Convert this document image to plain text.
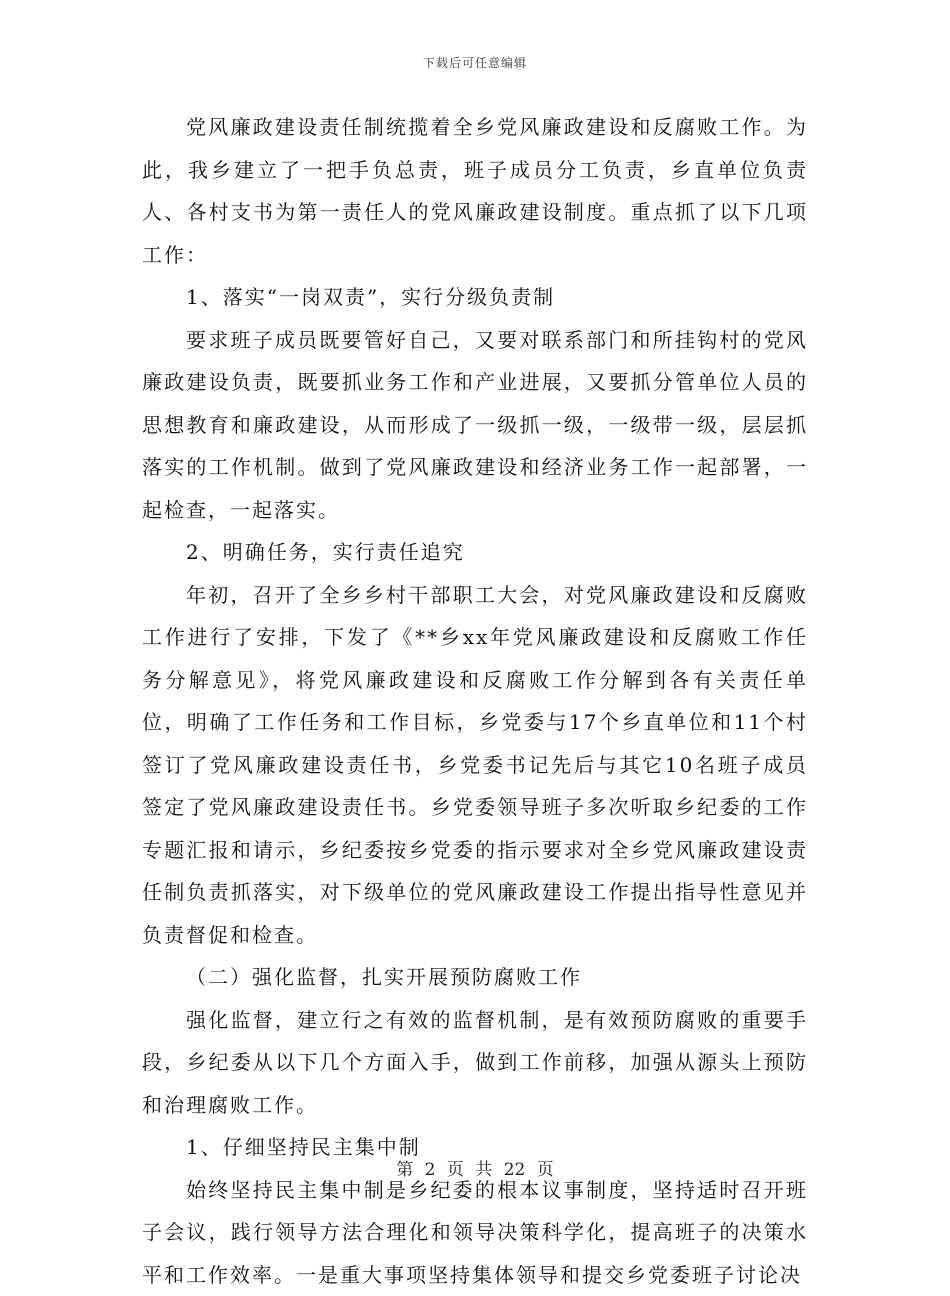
下载后可任意编辑

党风廉政建设责任制统揽着全乡党风廉政建设和反腐败工作。为此，我乡建立了一把手负总责，班子成员分工负责，乡直单位负责人、各村支书为第一责任人的党风廉政建设制度。重点抓了以下几项工作：

1、落实“一岗双责”，实行分级负责制

要求班子成员既要管好自己，又要对联系部门和所挂钩村的党风廉政建设负责，既要抓业务工作和产业进展，又要抓分管单位人员的思想教育和廉政建设，从而形成了一级抓一级，一级带一级，层层抓落实的工作机制。做到了党风廉政建设和经济业务工作一起部署，一起检查，一起落实。

2、明确任务，实行责任追究

年初，召开了全乡乡村干部职工大会，对党风廉政建设和反腐败工作进行了安排，下发了《**乡xx年党风廉政建设和反腐败工作任务分解意见》，将党风廉政建设和反腐败工作分解到各有关责任单位，明确了工作任务和工作目标，乡党委与17个乡直单位和11个村签订了党风廉政建设责任书，乡党委书记先后与其它10名班子成员签定了党风廉政建设责任书。乡党委领导班子多次听取乡纪委的工作专题汇报和请示，乡纪委按乡党委的指示要求对全乡党风廉政建设责任制负责抓落实，对下级单位的党风廉政建设工作提出指导性意见并负责督促和检查。

（二）强化监督，扎实开展预防腐败工作

强化监督，建立行之有效的监督机制，是有效预防腐败的重要手段，乡纪委从以下几个方面入手，做到工作前移，加强从源头上预防和治理腐败工作。

1、仔细坚持民主集中制

始终坚持民主集中制是乡纪委的根本议事制度，坚持适时召开班子会议，践行领导方法合理化和领导决策科学化，提高班子的决策水平和工作效率。一是重大事项坚持集体领导和提交乡党委班子讨论决

第 2 页 共 22 页
